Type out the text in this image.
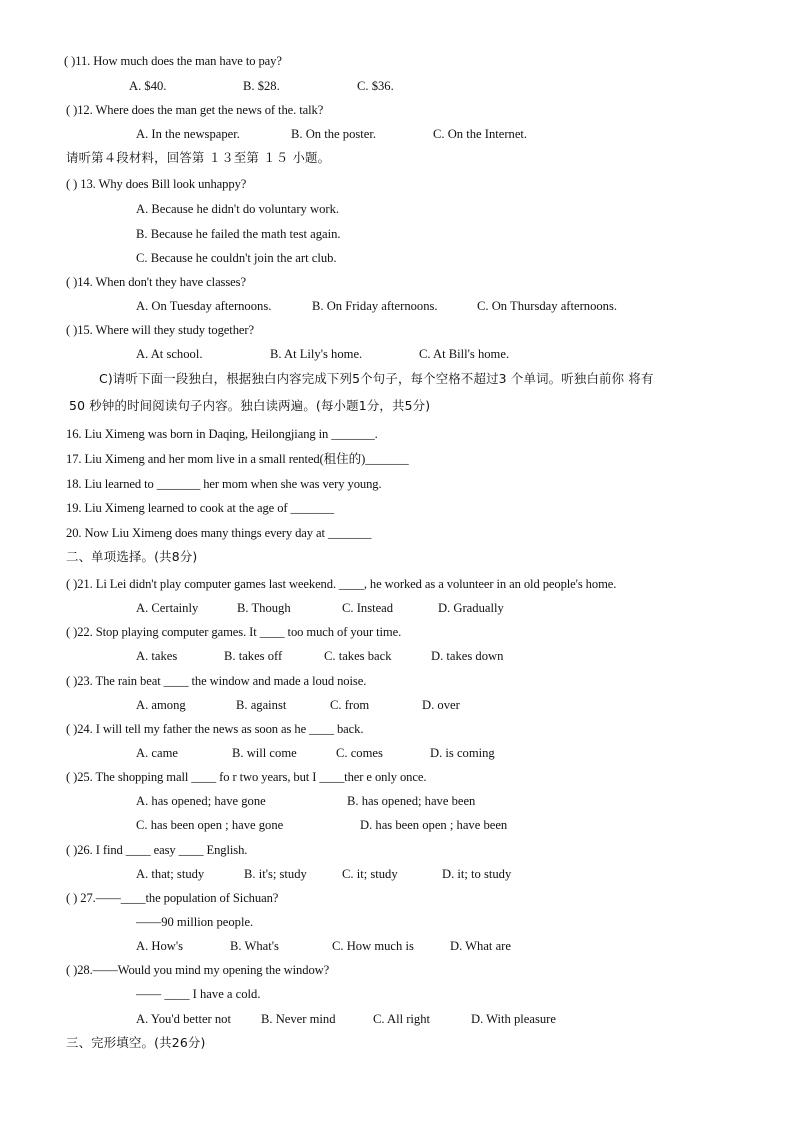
( )11. How much does the man have to pay?
A. $40.	B. $28.	C. $36.
( )12. Where does the man get the news of the. talk?
A. In the newspaper.	B. On the poster.	C. On the Internet.
请听第４段材料，回答第 １３至第 １５ 小题。
( ) 13. Why does Bill look unhappy?
A. Because he didn't do voluntary work.
B. Because he failed the math test again.
C. Because he couldn't join the art club.
( )14. When don't they have classes?
A. On Tuesday afternoons.	B. On Friday afternoons.	C. On Thursday afternoons.
( )15. Where will they study together?
A. At school.	B. At Lily's home.	C. At Bill's home.
C)请听下面一段独白，根据独白内容完成下列5个句子，每个空格不超过3 个单词。听独白前你 将有
50 秒钟的时间阅读句子内容。独白读两遍。(每小题1分，共5分)
16. Liu Ximeng was born in Daqing, Heilongjiang in _______.
17. Liu Ximeng and her mom live in a small rented(租住的)_______
18. Liu learned to _______ her mom when she was very young.
19. Liu Ximeng learned to cook at the age of _______
20. Now Liu Ximeng does many things every day at _______
二、单项选择。(共8分)
( )21. Li Lei didn't play computer games last weekend. ____, he worked as a volunteer in an old people's home.
A. Certainly	B. Though	C. Instead	D. Gradually
( )22. Stop playing computer games. It ____ too much of your time.
A. takes	B. takes off	C. takes back	D. takes down
( )23. The rain beat ____ the window and made a loud noise.
A. among	B. against	C. from	D. over
( )24. I will tell my father the news as soon as he ____ back.
A. came	B. will come	C. comes	D. is coming
( )25. The shopping mall ____ fo r two years, but I ____ther e only once.
A. has opened; have gone	B. has opened; have been
C. has been open ; have gone	D. has been open ; have been
( )26. I find ____ easy ____ English.
A. that; study	B. it's; study	C. it; study	D. it; to study
( ) 27.——____the population of Sichuan?
——90 million people.
A. How's	B. What's	C. How much is	D. What are
( )28.——Would you mind my opening the window?
—— ____ I have a cold.
A. You'd better not B. Never mind	C. All right	D. With pleasure
三、完形填空。(共26分)
